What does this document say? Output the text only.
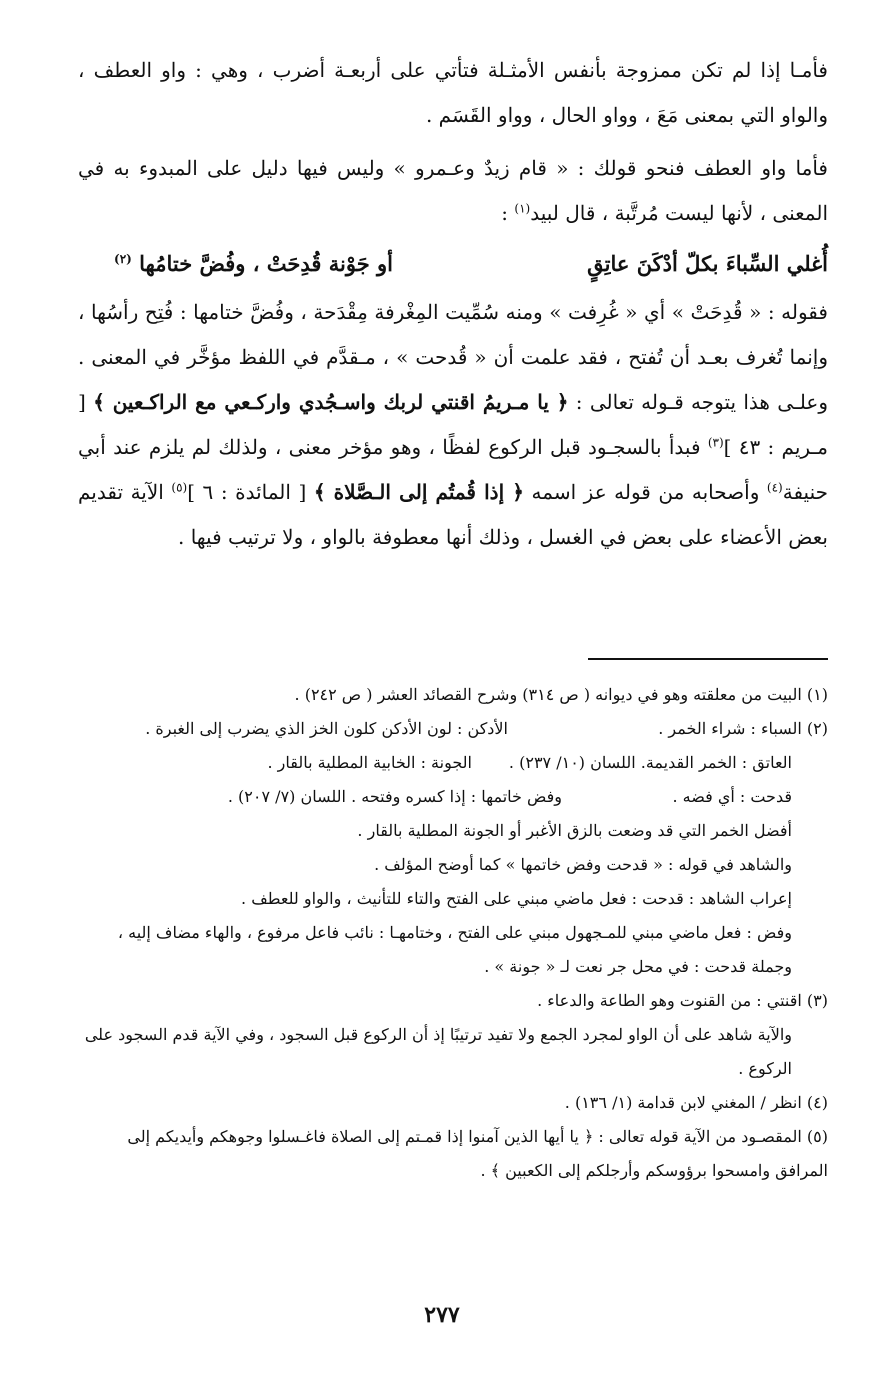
فأمـا إذا لم تكن ممزوجة بأنفس الأمثـلة فتأتي على أربعـة أضرب ، وهي : واو العطف ، والواو التي بمعنى مَعَ ، وواو الحال ، وواو القَسَم .

فأما واو العطف فنحو قولك : « قام زيدٌ وعـمرو » وليس فيها دليل على المبدوء به في المعنى ، لأنها ليست مُرتَّبة ، قال لبيد$^{(١)}$ :

أُغلي السِّباءَ بكلّ أدْكَنَ عاتِقٍ
أو جَوْنة قُدِحَتْ ، وفُضَّ ختامُها $^{(٢)}$

فقوله : « قُدِحَتْ » أي « غُرِفت » ومنه سُمِّيت المِغْرفة مِقْدَحة ، وفُضَّ ختامها : فُتِح رأسُها ، وإنما تُغرف بعـد أن تُفتح ، فقد علمت أن « قُدحت » ، مـقدَّم في اللفظ مؤخَّر في المعنى . وعلـى هذا يتوجه قـوله تعالى : ﴿ يا مـريمُ اقنتي لربك واسـجُدي واركـعي مع الراكـعين ﴾ [ مـريم : ٤٣ ]$^{(٣)}$ فبدأ بالسجـود قبل الركوع لفظًا ، وهو مؤخر معنى ، ولذلك لم يلزم عند أبي حنيفة$^{(٤)}$ وأصحابه من قوله عز اسمه ﴿ إذا قُمتُم إلى الـصَّلاة ﴾ [ المائدة : ٦ ]$^{(٥)}$ الآية تقديم بعض الأعضاء على بعض في الغسل ، وذلك أنها معطوفة بالواو ، ولا ترتيب فيها .

(١) البيت من معلقته وهو في ديوانه ( ص ٣١٤) وشرح القصائد العشر ( ص ٢٤٢) .

(٢) السباء : شراء الخمر .الأدكن : لون الأدكن كلون الخز الذي يضرب إلى الغبرة .

العاتق : الخمر القديمة. اللسان (١٠/ ٢٣٧) .الجونة : الخابية المطلية بالقار .

قدحت : أي فضه .وفض خاتمها : إذا كسره وفتحه . اللسان (٧/ ٢٠٧) .

أفضل الخمر التي قد وضعت بالزق الأغبر أو الجونة المطلية بالقار .

والشاهد في قوله : « قدحت وفض خاتمها » كما أوضح المؤلف .

إعراب الشاهد : قدحت : فعل ماضي مبني على الفتح والتاء للتأنيث ، والواو للعطف .

وفض : فعل ماضي مبني للمـجهول مبني على الفتح ، وختامهـا : نائب فاعل مرفوع ، والهاء مضاف إليه ، وجملة قدحت : في محل جر نعت لـ « جونة » .

(٣) اقنتي : من القنوت وهو الطاعة والدعاء .

والآية شاهد على أن الواو لمجرد الجمع ولا تفيد ترتيبًا إذ أن الركوع قبل السجود ، وفي الآية قدم السجود على الركوع .

(٤) انظر / المغني لابن قدامة (١/ ١٣٦) .

(٥) المقصـود من الآية قوله تعالى : ﴿ يا أيها الذين آمنوا إذا قمـتم إلى الصلاة فاغـسلوا وجوهكم وأيديكم إلى المرافق وامسحوا برؤوسكم وأرجلكم إلى الكعبين ﴾ .

٢٧٧
